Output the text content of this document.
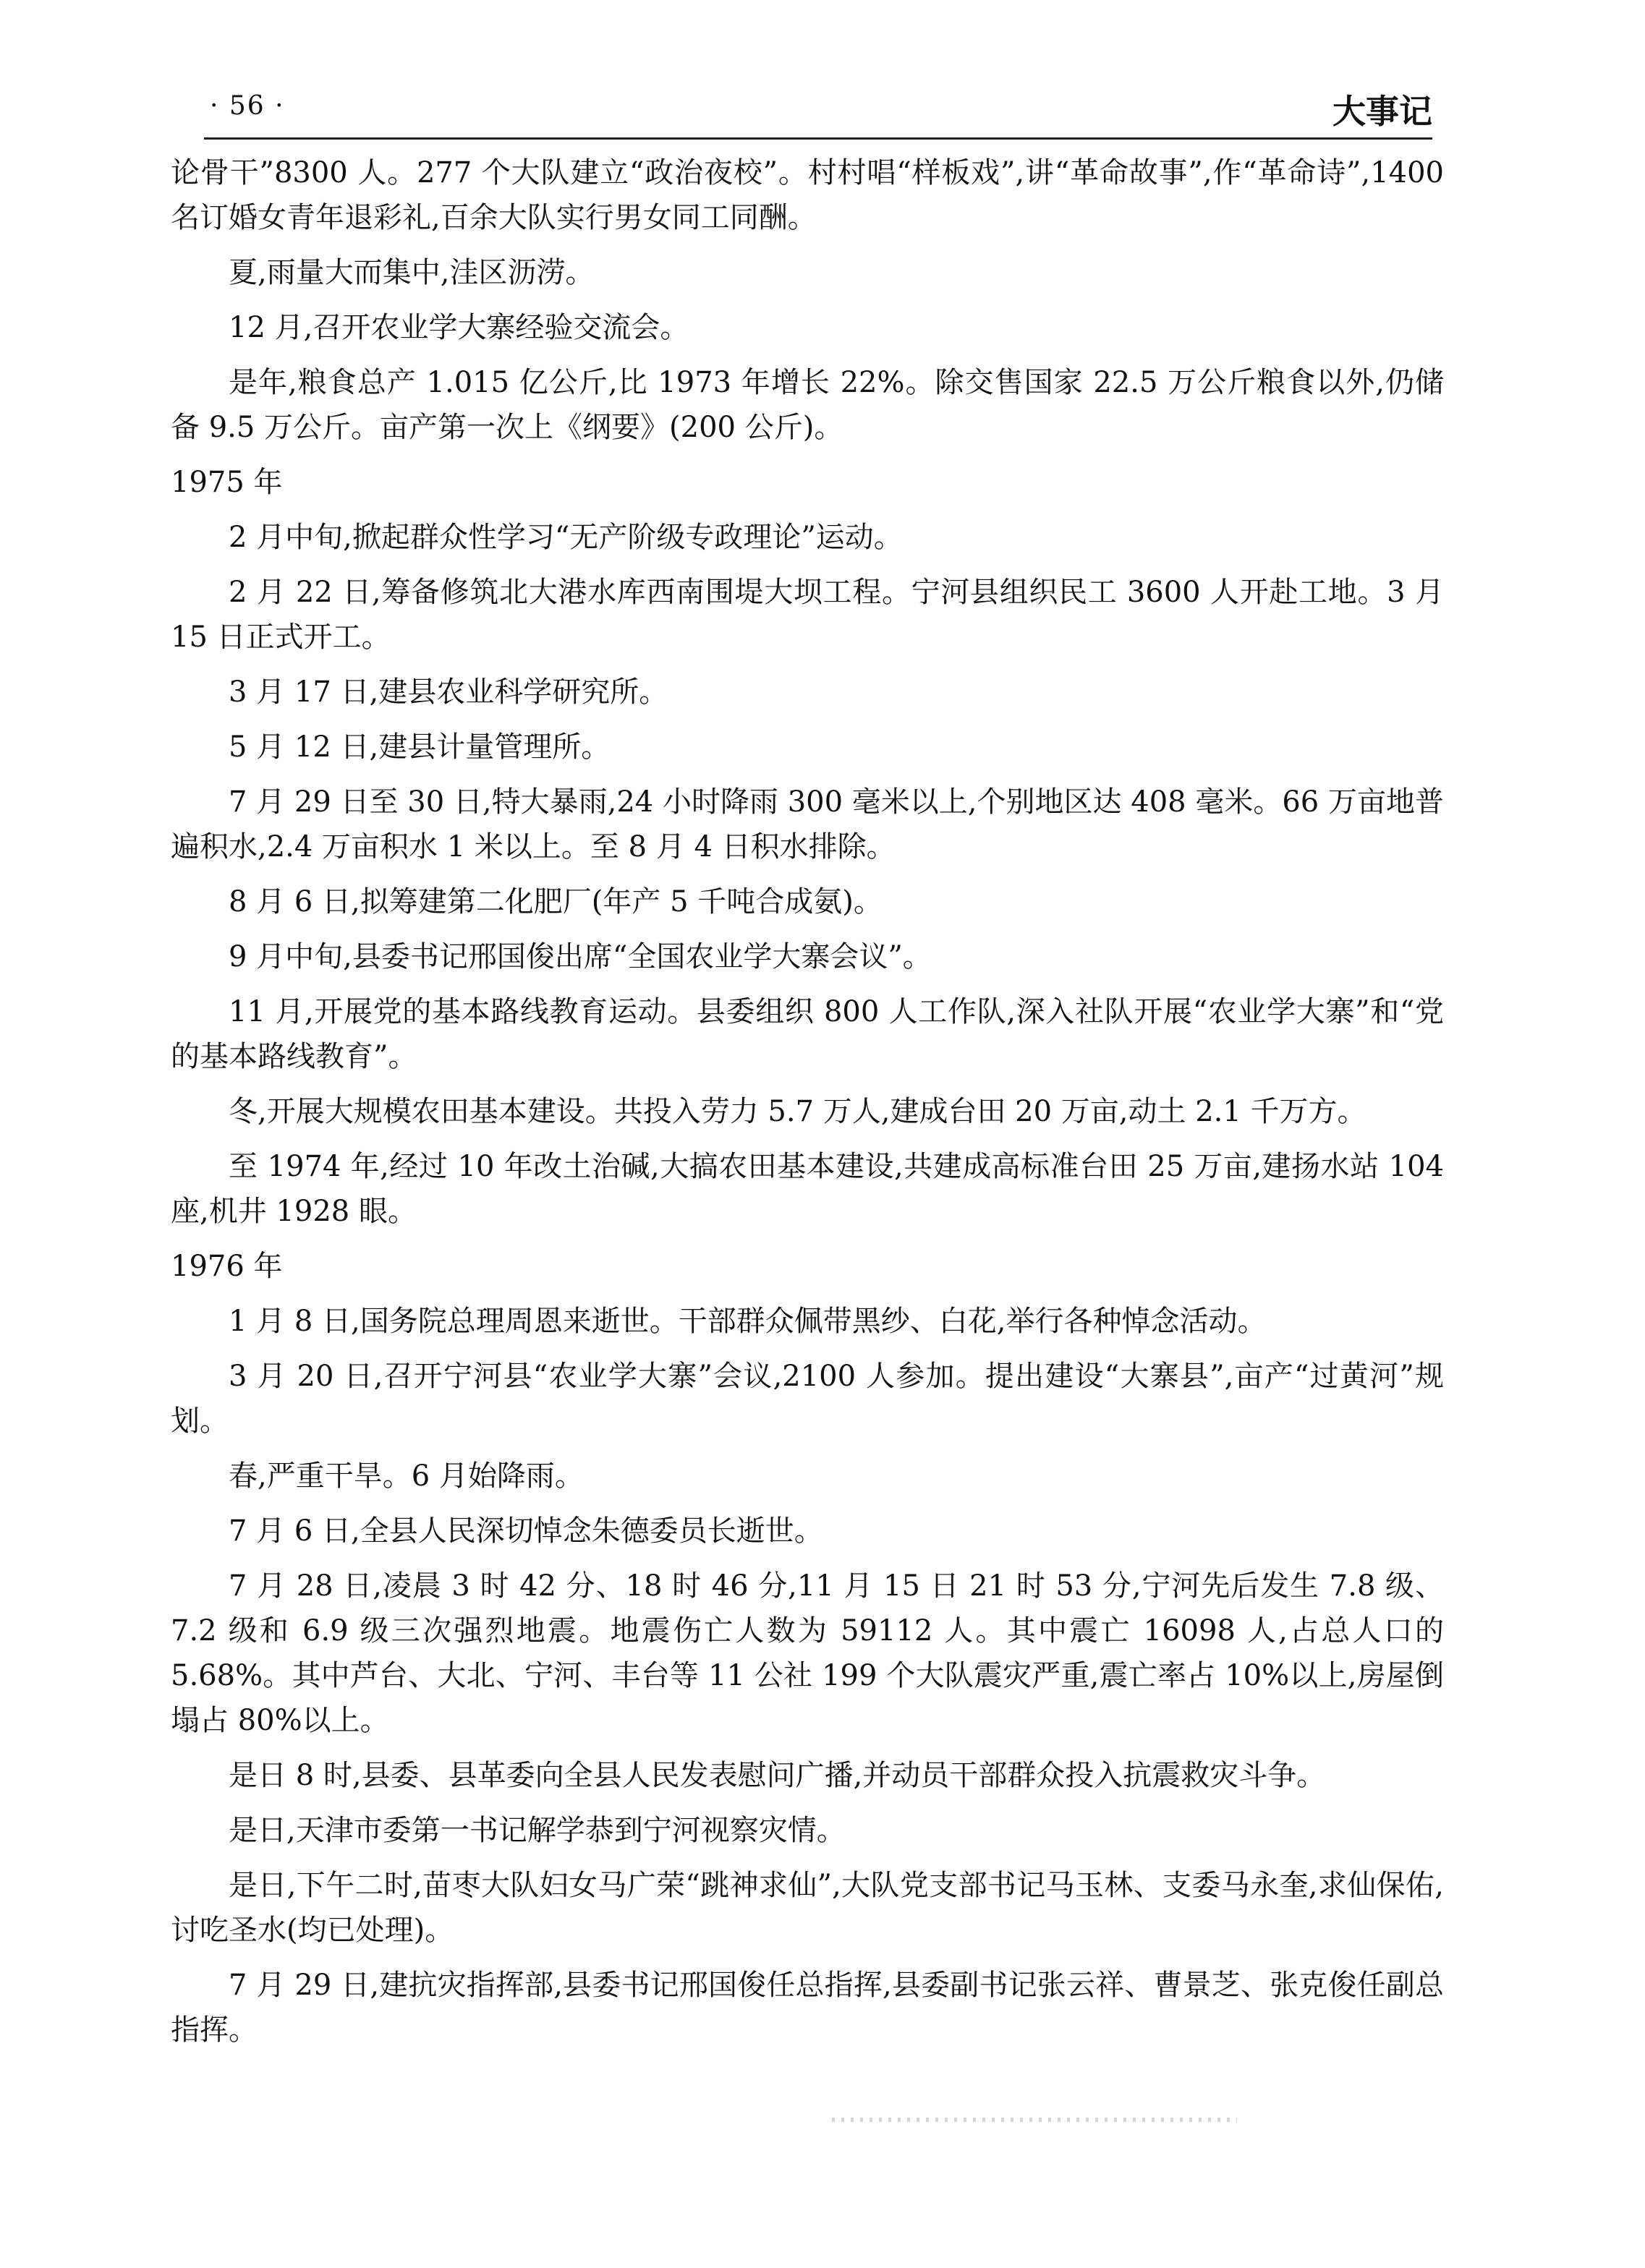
· 56 ·	大事记

论骨干”8300 人。277 个大队建立“政治夜校”。村村唱“样板戏”,讲“革命故事”,作“革命诗”,1400 名订婚女青年退彩礼,百余大队实行男女同工同酬。

夏,雨量大而集中,洼区沥涝。

12 月,召开农业学大寨经验交流会。

是年,粮食总产 1.015 亿公斤,比 1973 年增长 22%。除交售国家 22.5 万公斤粮食以外,仍储备 9.5 万公斤。亩产第一次上《纲要》(200 公斤)。

1975 年

2 月中旬,掀起群众性学习“无产阶级专政理论”运动。

2 月 22 日,筹备修筑北大港水库西南围堤大坝工程。宁河县组织民工 3600 人开赴工地。3 月 15 日正式开工。

3 月 17 日,建县农业科学研究所。

5 月 12 日,建县计量管理所。

7 月 29 日至 30 日,特大暴雨,24 小时降雨 300 毫米以上,个别地区达 408 毫米。66 万亩地普遍积水,2.4 万亩积水 1 米以上。至 8 月 4 日积水排除。

8 月 6 日,拟筹建第二化肥厂(年产 5 千吨合成氨)。

9 月中旬,县委书记邢国俊出席“全国农业学大寨会议”。

11 月,开展党的基本路线教育运动。县委组织 800 人工作队,深入社队开展“农业学大寨”和“党的基本路线教育”。

冬,开展大规模农田基本建设。共投入劳力 5.7 万人,建成台田 20 万亩,动土 2.1 千万方。

至 1974 年,经过 10 年改土治碱,大搞农田基本建设,共建成高标准台田 25 万亩,建扬水站 104 座,机井 1928 眼。

1976 年

1 月 8 日,国务院总理周恩来逝世。干部群众佩带黑纱、白花,举行各种悼念活动。

3 月 20 日,召开宁河县“农业学大寨”会议,2100 人参加。提出建设“大寨县”,亩产“过黄河”规划。

春,严重干旱。6 月始降雨。

7 月 6 日,全县人民深切悼念朱德委员长逝世。

7 月 28 日,凌晨 3 时 42 分、18 时 46 分,11 月 15 日 21 时 53 分,宁河先后发生 7.8 级、7.2 级和 6.9 级三次强烈地震。地震伤亡人数为 59112 人。其中震亡 16098 人,占总人口的 5.68%。其中芦台、大北、宁河、丰台等 11 公社 199 个大队震灾严重,震亡率占 10%以上,房屋倒塌占 80%以上。

是日 8 时,县委、县革委向全县人民发表慰问广播,并动员干部群众投入抗震救灾斗争。

是日,天津市委第一书记解学恭到宁河视察灾情。

是日,下午二时,苗枣大队妇女马广荣“跳神求仙”,大队党支部书记马玉林、支委马永奎,求仙保佑,讨吃圣水(均已处理)。

7 月 29 日,建抗灾指挥部,县委书记邢国俊任总指挥,县委副书记张云祥、曹景芝、张克俊任副总指挥。
